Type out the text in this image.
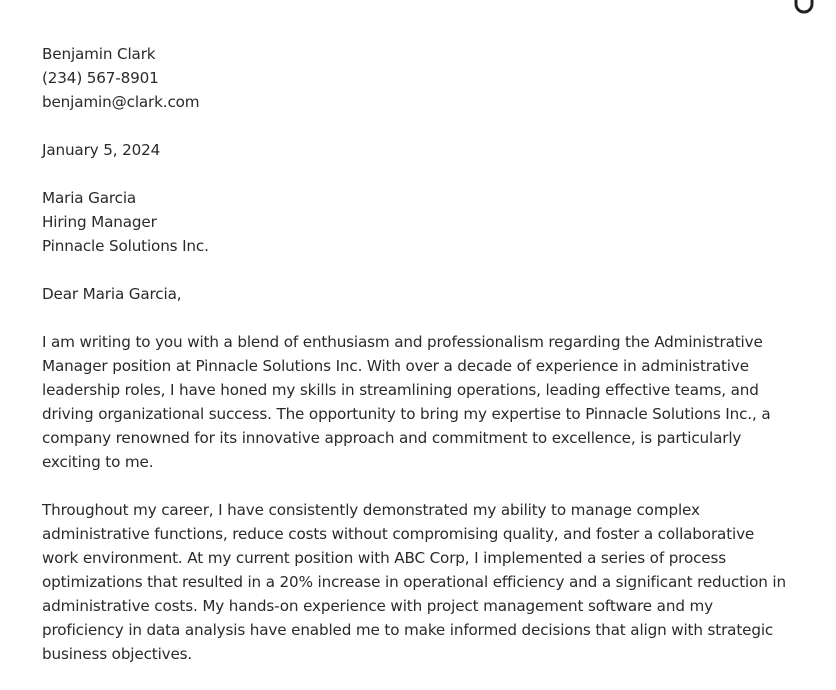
Benjamin Clark
(234) 567-8901
benjamin@clark.com
January 5, 2024
Maria Garcia
Hiring Manager
Pinnacle Solutions Inc.
Dear Maria Garcia,

I am writing to you with a blend of enthusiasm and professionalism regarding the Administrative Manager position at Pinnacle Solutions Inc. With over a decade of experience in administrative leadership roles, I have honed my skills in streamlining operations, leading effective teams, and driving organizational success. The opportunity to bring my expertise to Pinnacle Solutions Inc., a company renowned for its innovative approach and commitment to excellence, is particularly exciting to me.

Throughout my career, I have consistently demonstrated my ability to manage complex administrative functions, reduce costs without compromising quality, and foster a collaborative work environment. At my current position with ABC Corp, I implemented a series of process optimizations that resulted in a 20% increase in operational efficiency and a significant reduction in administrative costs. My hands-on experience with project management software and my proficiency in data analysis have enabled me to make informed decisions that align with strategic business objectives.
